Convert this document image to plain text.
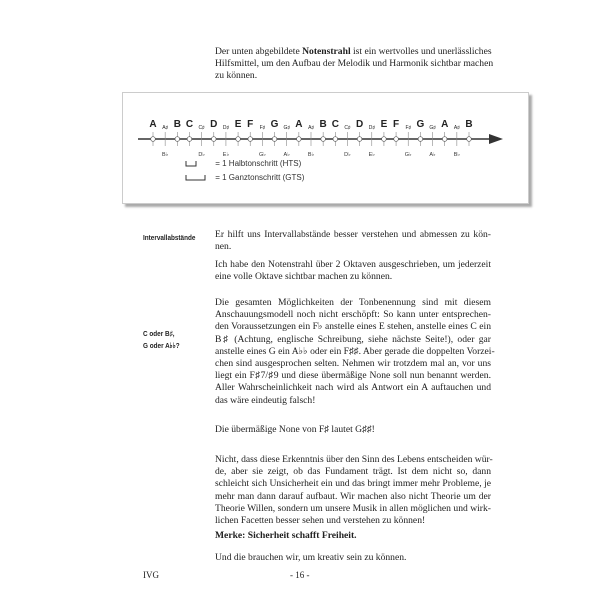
Der unten abgebildete Notenstrahl ist ein wertvolles und unerlässliches
Hilfsmittel, um den Aufbau der Melodik und Harmonik sichtbar machen
zu können.
A A♯
B♭
B C C♯
D♭
D D♯
E♭
E F F♯
G♭
G G♯
A♭
A A♯
B♭
B C C♯
D♭
D D♯
E♭
E F F♯
G♭
G G♯
A♭
A A♯
B♭
B
= 1 Halbtonschritt (HTS)
= 1 Ganztonschritt (GTS)
Intervallabstände
C oder B♯,
G oder A♭♭?
Er hilft uns Intervallabstände besser verstehen und abmessen zu kön-
nen.
Ich habe den Notenstrahl über 2 Oktaven ausgeschrieben, um jederzeit
eine volle Oktave sichtbar machen zu können.
Die gesamten Möglichkeiten der Tonbenennung sind mit diesem
Anschauungsmodell noch nicht erschöpft: So kann unter entsprechen-
den Voraussetzungen ein F♭ anstelle eines E stehen, anstelle eines C ein
B♯ (Achtung, englische Schreibung, siehe nächste Seite!), oder gar
anstelle eines G ein A♭♭ oder ein F♯♯. Aber gerade die doppelten Vorzei-
chen sind ausgesprochen selten. Nehmen wir trotzdem mal an, vor uns
liegt ein F♯7/♯9 und diese übermäßige None soll nun benannt werden.
Aller Wahrscheinlichkeit nach wird als Antwort ein A auftauchen und
das wäre eindeutig falsch!
Die übermäßige None von F♯ lautet G♯♯!
Nicht, dass diese Erkenntnis über den Sinn des Lebens entscheiden wür-
de, aber sie zeigt, ob das Fundament trägt. Ist dem nicht so, dann
schleicht sich Unsicherheit ein und das bringt immer mehr Probleme, je
mehr man dann darauf aufbaut. Wir machen also nicht Theorie um der
Theorie Willen, sondern um unsere Musik in allen möglichen und wirk-
lichen Facetten besser sehen und verstehen zu können!
Merke: Sicherheit schafft Freiheit.
Und die brauchen wir, um kreativ sein zu können.
IVG	- 16 -
